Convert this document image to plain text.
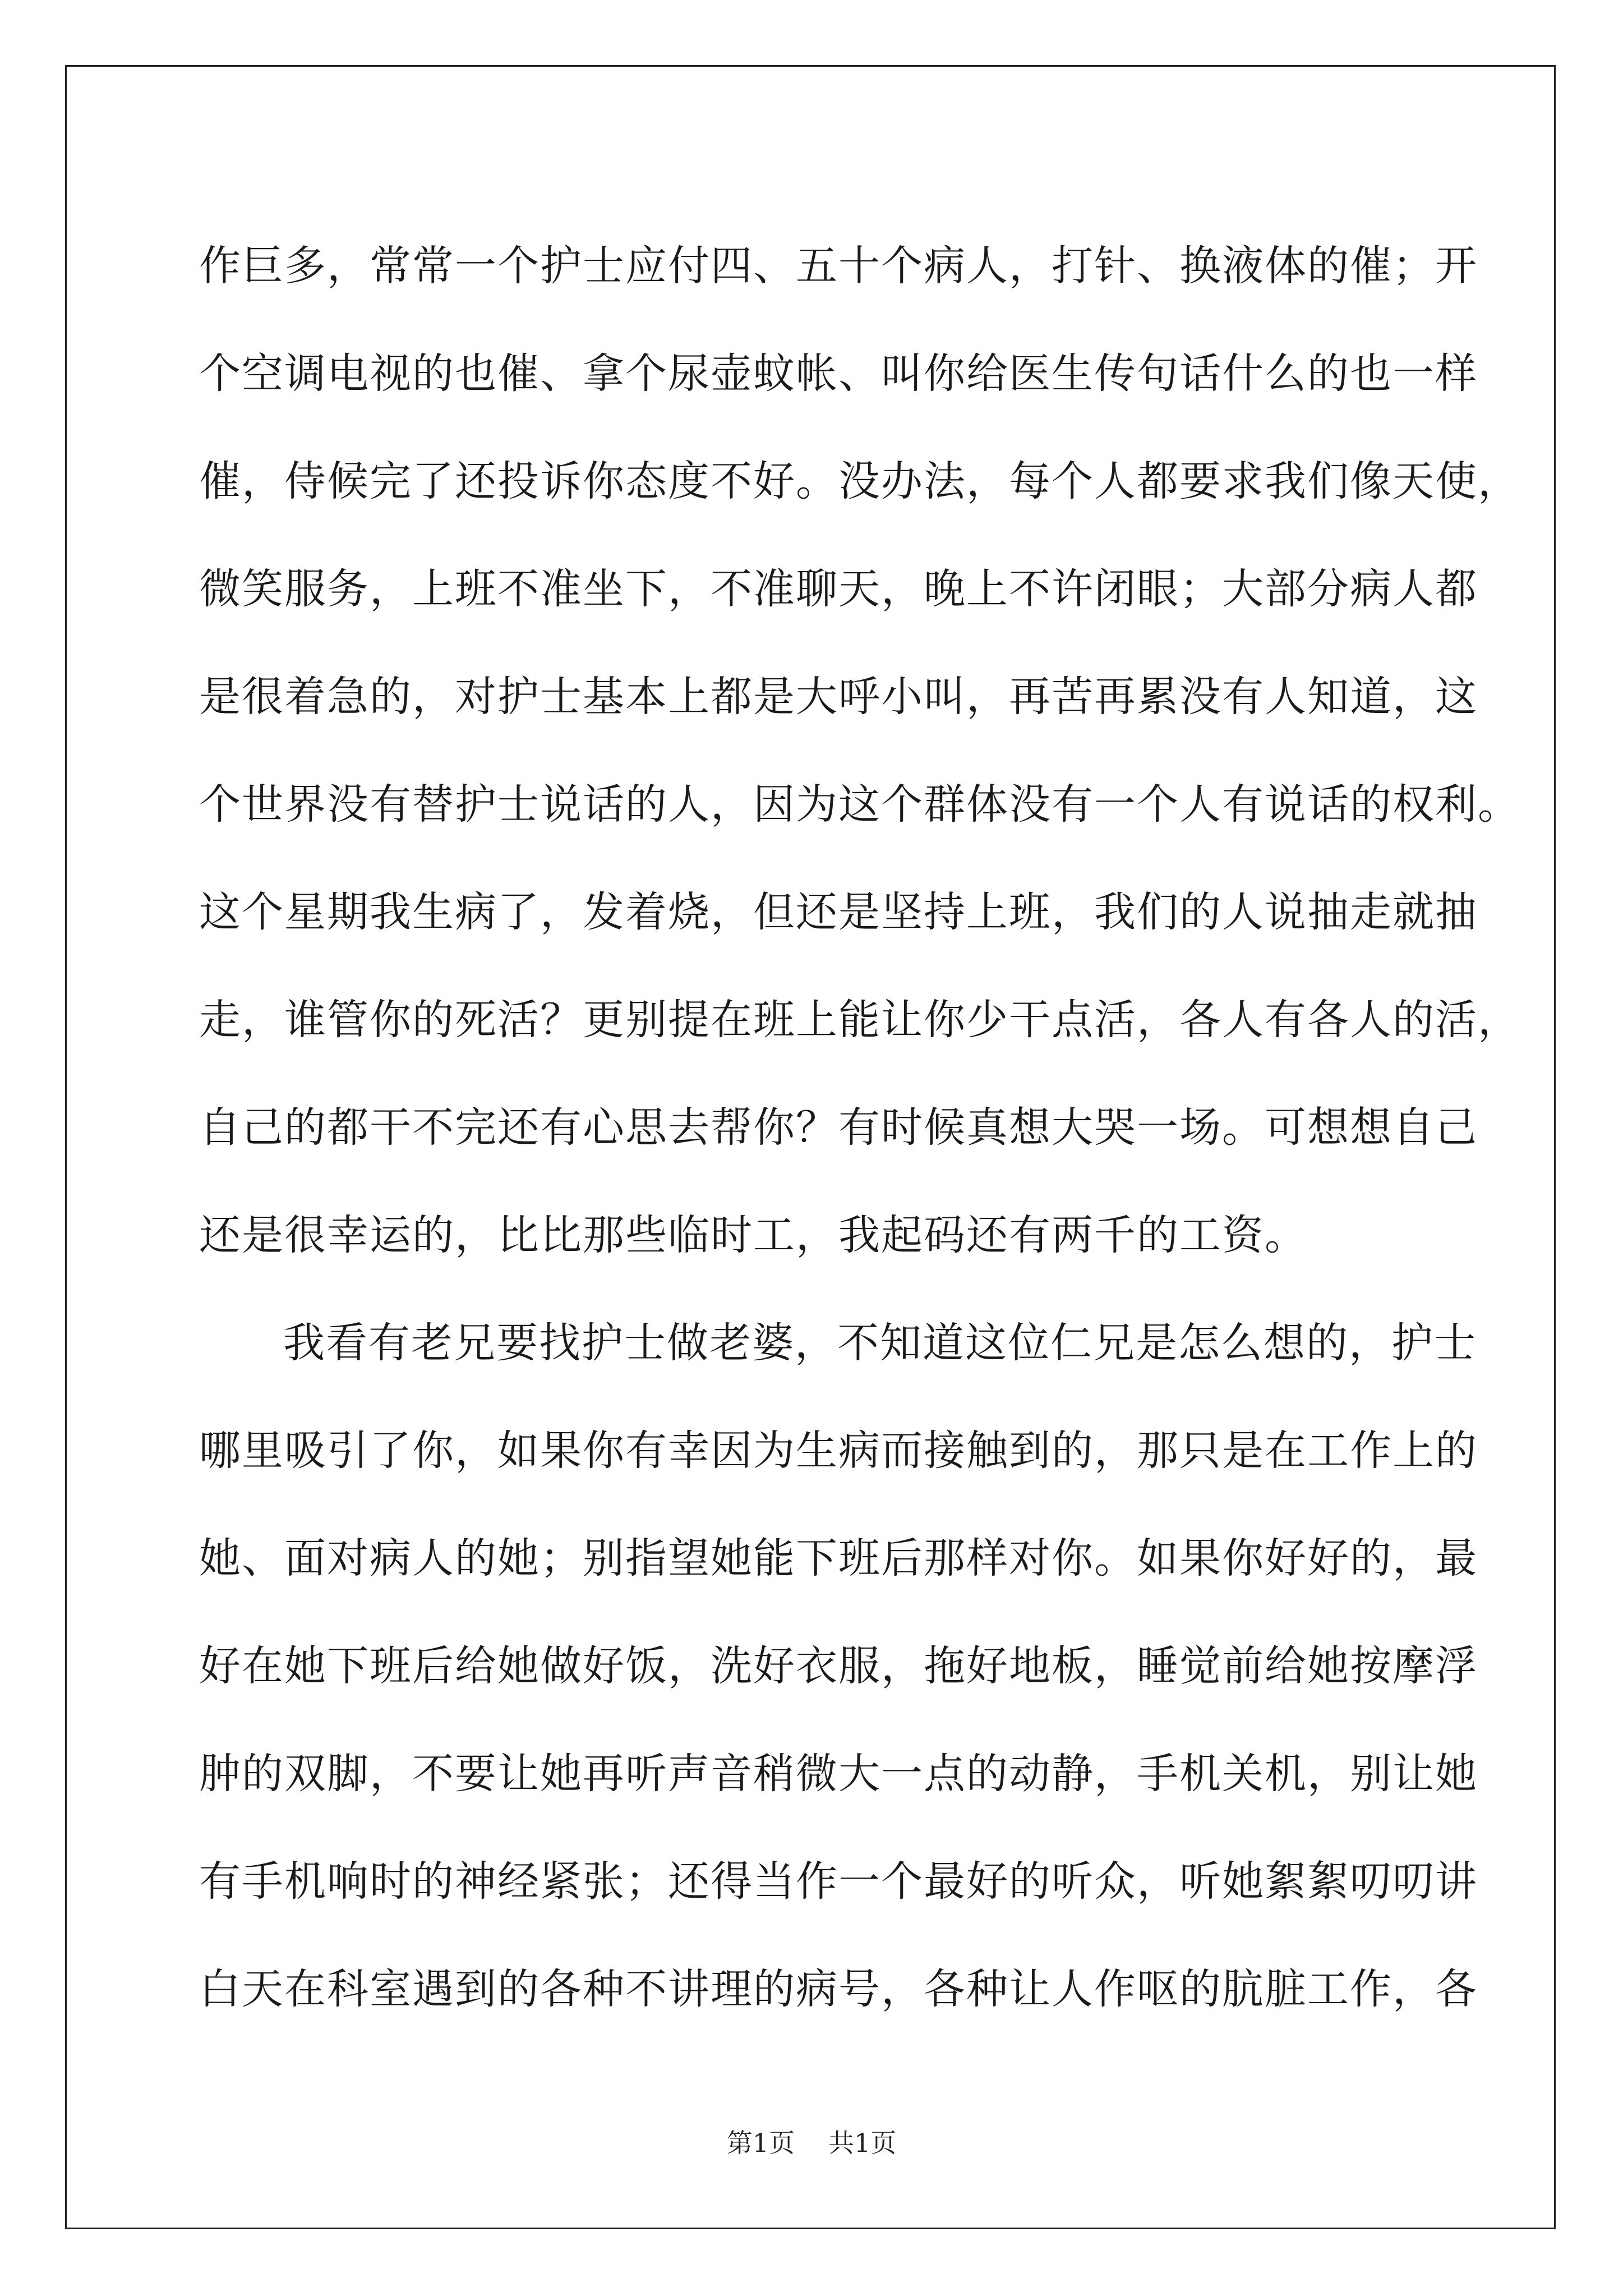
作巨多，常常一个护士应付四、五十个病人，打针、换液体的催；开
个空调电视的也催、拿个尿壶蚊帐、叫你给医生传句话什么的也一样
催，侍候完了还投诉你态度不好。没办法，每个人都要求我们像天使，
微笑服务，上班不准坐下，不准聊天，晚上不许闭眼；大部分病人都
是很着急的，对护士基本上都是大呼小叫，再苦再累没有人知道，这
个世界没有替护士说话的人，因为这个群体没有一个人有说话的权利。
这个星期我生病了，发着烧，但还是坚持上班，我们的人说抽走就抽
走，谁管你的死活？更别提在班上能让你少干点活，各人有各人的活，
自己的都干不完还有心思去帮你？有时候真想大哭一场。可想想自己
还是很幸运的，比比那些临时工，我起码还有两千的工资。
我看有老兄要找护士做老婆，不知道这位仁兄是怎么想的，护士
哪里吸引了你，如果你有幸因为生病而接触到的，那只是在工作上的
她、面对病人的她；别指望她能下班后那样对你。如果你好好的，最
好在她下班后给她做好饭，洗好衣服，拖好地板，睡觉前给她按摩浮
肿的双脚，不要让她再听声音稍微大一点的动静，手机关机，别让她
有手机响时的神经紧张；还得当作一个最好的听众，听她絮絮叨叨讲
白天在科室遇到的各种不讲理的病号，各种让人作呕的肮脏工作，各
第1页 共1页
